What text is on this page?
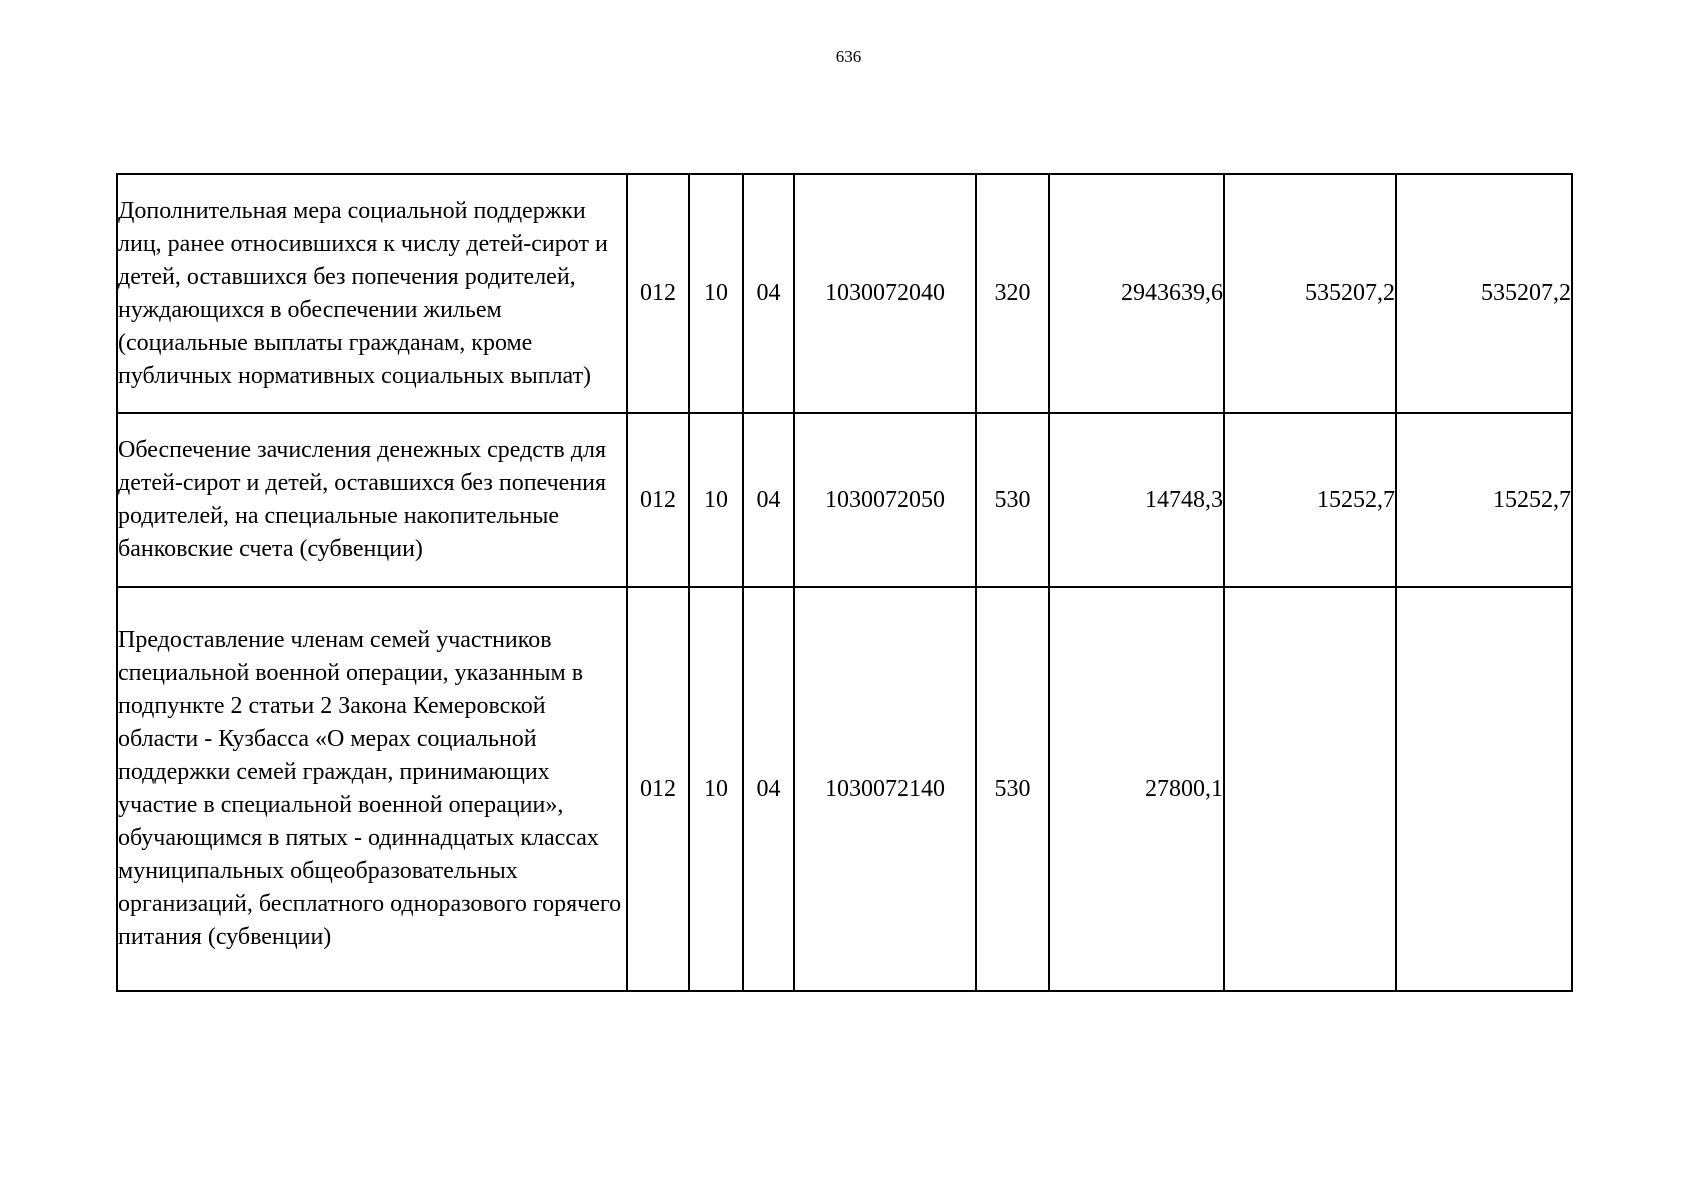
636
Дополнительная мера социальной поддержки лиц, ранее относившихся к числу детей-сирот и детей, оставшихся без попечения родителей, нуждающихся в обеспечении жильем (социальные выплаты гражданам, кроме публичных нормативных социальных выплат)	012	10	04	1030072040	320	2943639,6	535207,2	535207,2
Обеспечение зачисления денежных средств для детей-сирот и детей, оставшихся без попечения родителей, на специальные накопительные банковские счета (субвенции)	012	10	04	1030072050	530	14748,3	15252,7	15252,7
Предоставление членам семей участников специальной военной операции, указанным в подпункте 2 статьи 2 Закона Кемеровской области - Кузбасса «О мерах социальной поддержки семей граждан, принимающих участие в специальной военной операции», обучающимся в пятых - одиннадцатых классах муниципальных общеобразовательных организаций, бесплатного одноразового горячего питания (субвенции)	012	10	04	1030072140	530	27800,1		
